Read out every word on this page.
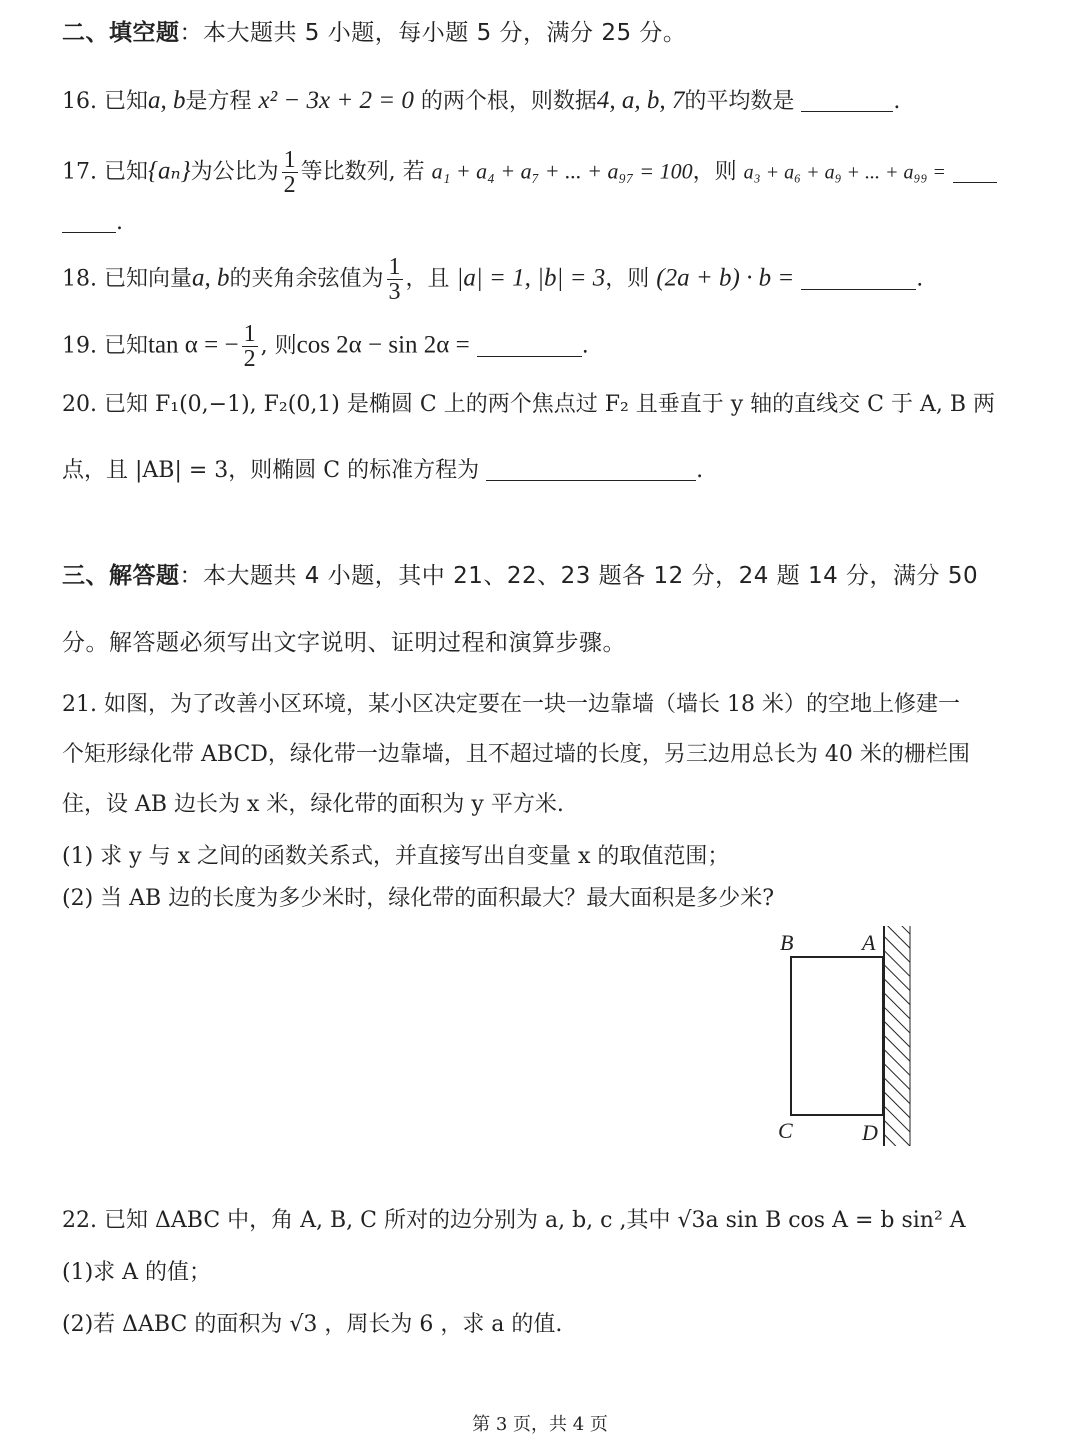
二、填空题：本大题共 5 小题，每小题 5 分，满分 25 分。
16. 已知a, b是方程 x² − 3x + 2 = 0 的两个根，则数据4, a, b, 7的平均数是	.
17. 已知{aₙ}为公比为 $\frac{1}{2}$ 等比数列, 若 a₁ + a₄ + a₇ + ... + a₉₇ = 100，则 a₃ + a₆ + a₉ + ... + a₉₉ =
.
18. 已知向量a, b的夹角余弦值为 $\frac{1}{3}$ ，且 |a| = 1, |b| = 3，则 (2a + b) · b =	.
19. 已知tan α = − $\frac{1}{2}$ , 则cos 2α − sin 2α =	.
20. 已知 F₁(0,−1), F₂(0,1) 是椭圆 C 上的两个焦点过 F₂ 且垂直于 y 轴的直线交 C 于 A, B 两
点，且 |AB| = 3，则椭圆 C 的标准方程为	.
三、解答题：本大题共 4 小题，其中 21、22、23 题各 12 分，24 题 14 分，满分 50
分。解答题必须写出文字说明、证明过程和演算步骤。
21. 如图，为了改善小区环境，某小区决定要在一块一边靠墙（墙长 18 米）的空地上修建一
个矩形绿化带 ABCD，绿化带一边靠墙，且不超过墙的长度，另三边用总长为 40 米的栅栏围
住，设 AB 边长为 x 米，绿化带的面积为 y 平方米.
(1) 求 y 与 x 之间的函数关系式，并直接写出自变量 x 的取值范围；
(2) 当 AB 边的长度为多少米时，绿化带的面积最大？最大面积是多少米?
B	A
C	D
22. 已知 ΔABC 中，角 A, B, C 所对的边分别为 a, b, c ,其中 √3a sin B cos A = b sin² A
(1)求 A 的值；
(2)若 ΔABC 的面积为 √3 ，周长为 6 ，求 a 的值.
第 3 页，共 4 页
